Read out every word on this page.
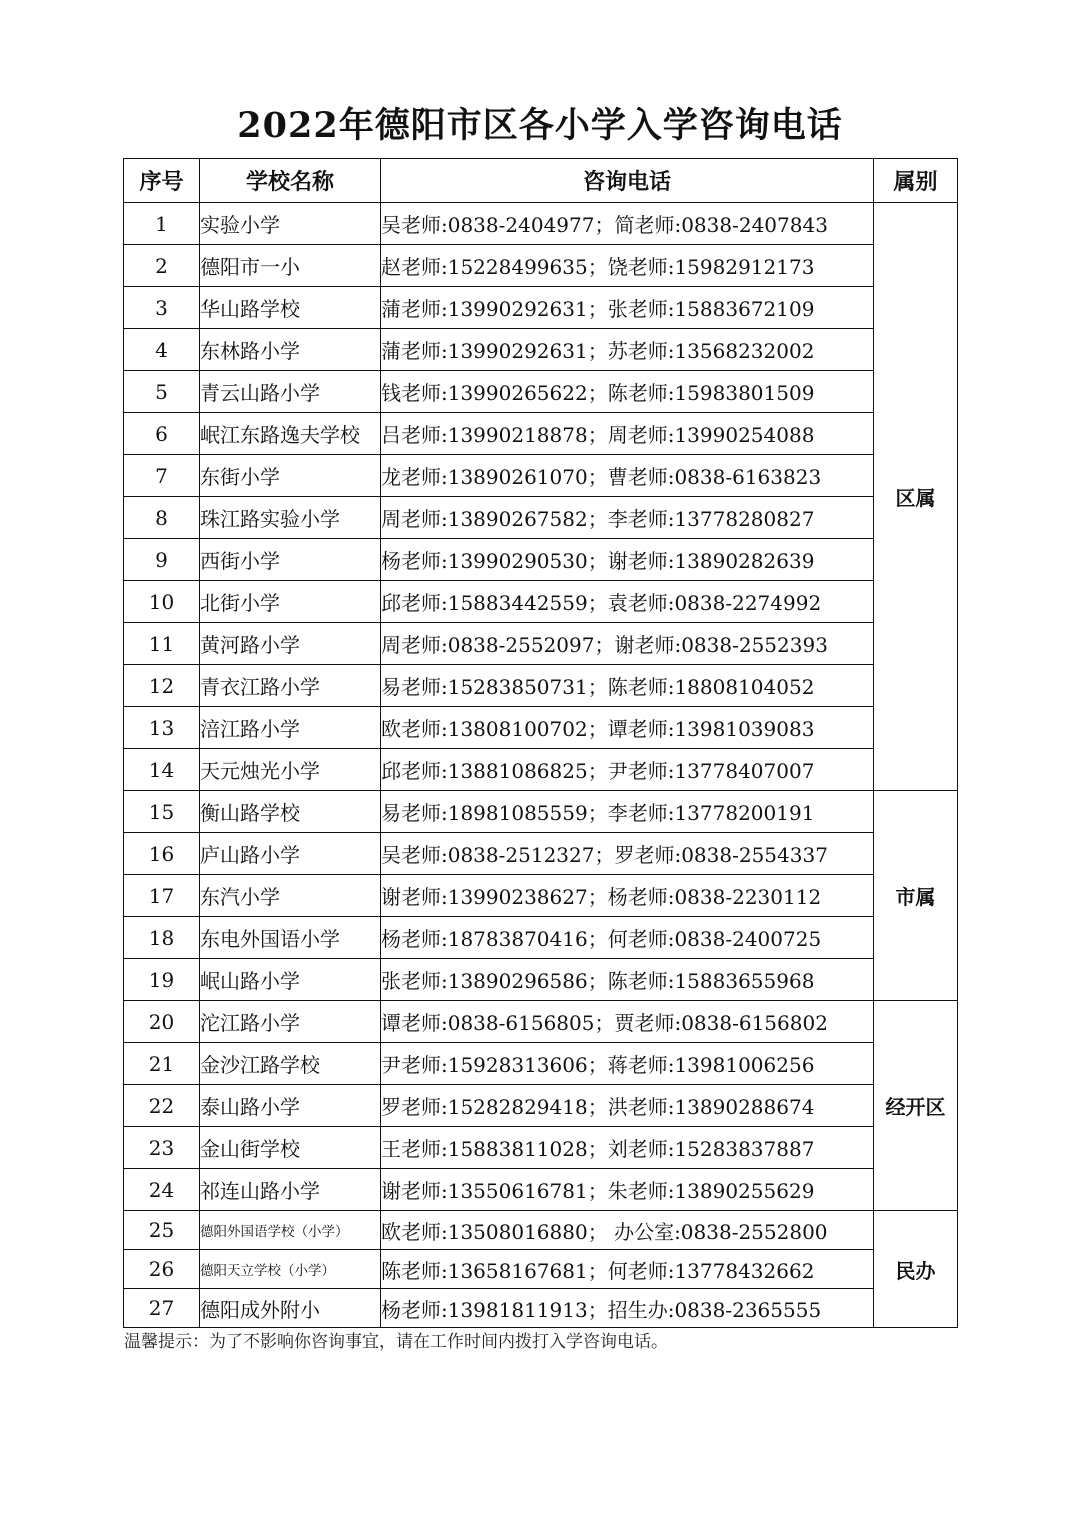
2022年德阳市区各小学入学咨询电话
序号	学校名称	咨询电话	属别
1	实验小学	吴老师:0838-2404977；简老师:0838-2407843	区属
2	德阳市一小	赵老师:15228499635；饶老师:15982912173	
3	华山路学校	蒲老师:13990292631；张老师:15883672109	
4	东林路小学	蒲老师:13990292631；苏老师:13568232002	
5	青云山路小学	钱老师:13990265622；陈老师:15983801509	
6	岷江东路逸夫学校	吕老师:13990218878；周老师:13990254088	
7	东街小学	龙老师:13890261070；曹老师:0838-6163823	
8	珠江路实验小学	周老师:13890267582；李老师:13778280827	
9	西街小学	杨老师:13990290530；谢老师:13890282639	
10	北街小学	邱老师:15883442559；袁老师:0838-2274992	
11	黄河路小学	周老师:0838-2552097；谢老师:0838-2552393	
12	青衣江路小学	易老师:15283850731；陈老师:18808104052	
13	涪江路小学	欧老师:13808100702；谭老师:13981039083	
14	天元烛光小学	邱老师:13881086825；尹老师:13778407007	
15	衡山路学校	易老师:18981085559；李老师:13778200191	市属
16	庐山路小学	吴老师:0838-2512327；罗老师:0838-2554337	
17	东汽小学	谢老师:13990238627；杨老师:0838-2230112	
18	东电外国语小学	杨老师:18783870416；何老师:0838-2400725	
19	岷山路小学	张老师:13890296586；陈老师:15883655968	
20	沱江路小学	谭老师:0838-6156805；贾老师:0838-6156802	经开区
21	金沙江路学校	尹老师:15928313606；蒋老师:13981006256	
22	泰山路小学	罗老师:15282829418；洪老师:13890288674	
23	金山街学校	王老师:15883811028；刘老师:15283837887	
24	祁连山路小学	谢老师:13550616781；朱老师:13890255629	
25	德阳外国语学校（小学）	欧老师:13508016880； 办公室:0838-2552800	民办
26	德阳天立学校（小学）	陈老师:13658167681；何老师:13778432662	
27	德阳成外附小	杨老师:13981811913；招生办:0838-2365555	
温馨提示：为了不影响你咨询事宜，请在工作时间内拨打入学咨询电话。
